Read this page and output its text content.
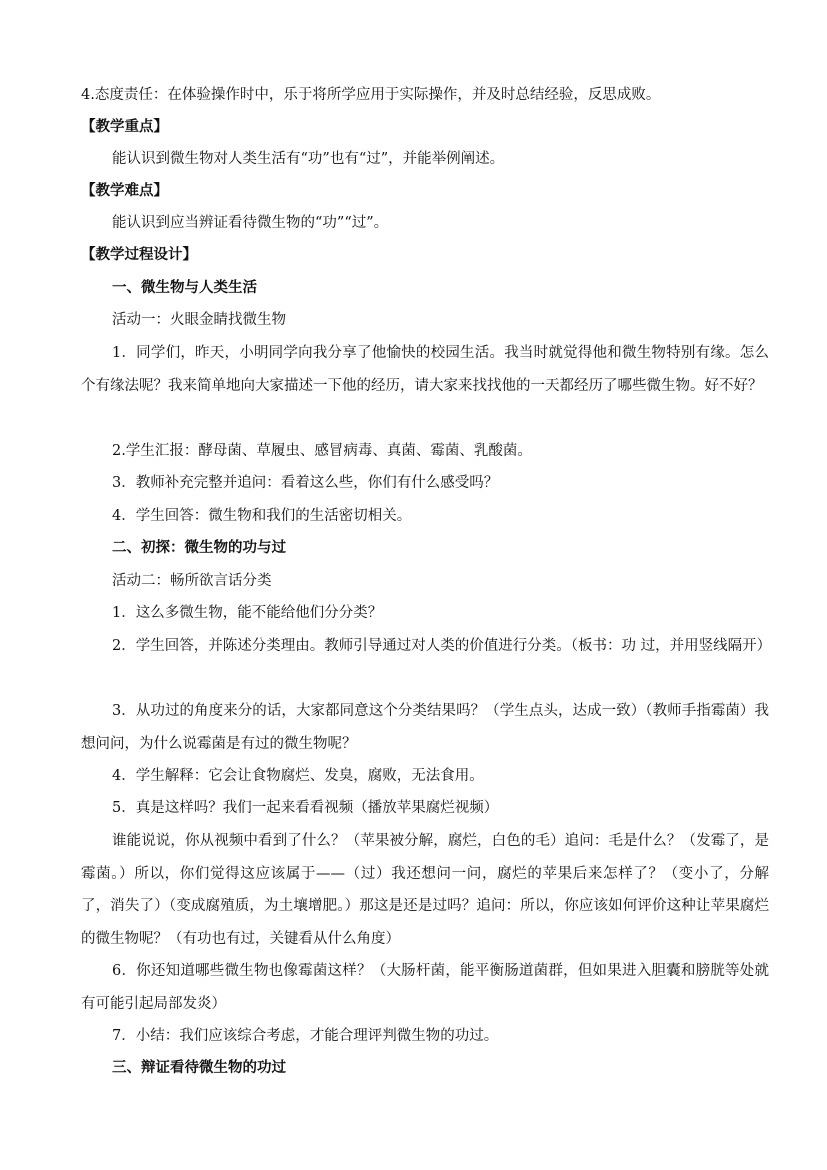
4.态度责任：在体验操作时中，乐于将所学应用于实际操作，并及时总结经验，反思成败。
【教学重点】
能认识到微生物对人类生活有“功”也有“过”，并能举例阐述。
【教学难点】
能认识到应当辨证看待微生物的“功”“过”。
【教学过程设计】
一、微生物与人类生活
活动一：火眼金睛找微生物
1．同学们，昨天，小明同学向我分享了他愉快的校园生活。我当时就觉得他和微生物特别有缘。怎么个有缘法呢？我来简单地向大家描述一下他的经历，请大家来找找他的一天都经历了哪些微生物。好不好？
2.学生汇报：酵母菌、草履虫、感冒病毒、真菌、霉菌、乳酸菌。
3．教师补充完整并追问：看着这么些，你们有什么感受吗？
4．学生回答：微生物和我们的生活密切相关。
二、初探：微生物的功与过
活动二：畅所欲言话分类
1．这么多微生物，能不能给他们分分类？
2．学生回答，并陈述分类理由。教师引导通过对人类的价值进行分类。（板书：功 过，并用竖线隔开）
3．从功过的角度来分的话，大家都同意这个分类结果吗？（学生点头，达成一致）（教师手指霉菌）我想问问，为什么说霉菌是有过的微生物呢？
4．学生解释：它会让食物腐烂、发臭，腐败，无法食用。
5．真是这样吗？我们一起来看看视频（播放苹果腐烂视频）
谁能说说，你从视频中看到了什么？（苹果被分解，腐烂，白色的毛）追问：毛是什么？（发霉了，是霉菌。）所以，你们觉得这应该属于——（过）我还想问一问，腐烂的苹果后来怎样了？（变小了，分解了，消失了）（变成腐殖质，为土壤增肥。）那这是还是过吗？追问：所以，你应该如何评价这种让苹果腐烂的微生物呢？（有功也有过，关键看从什么角度）
6．你还知道哪些微生物也像霉菌这样？（大肠杆菌，能平衡肠道菌群，但如果进入胆囊和膀胱等处就有可能引起局部发炎）
7．小结：我们应该综合考虑，才能合理评判微生物的功过。
三、辩证看待微生物的功过
